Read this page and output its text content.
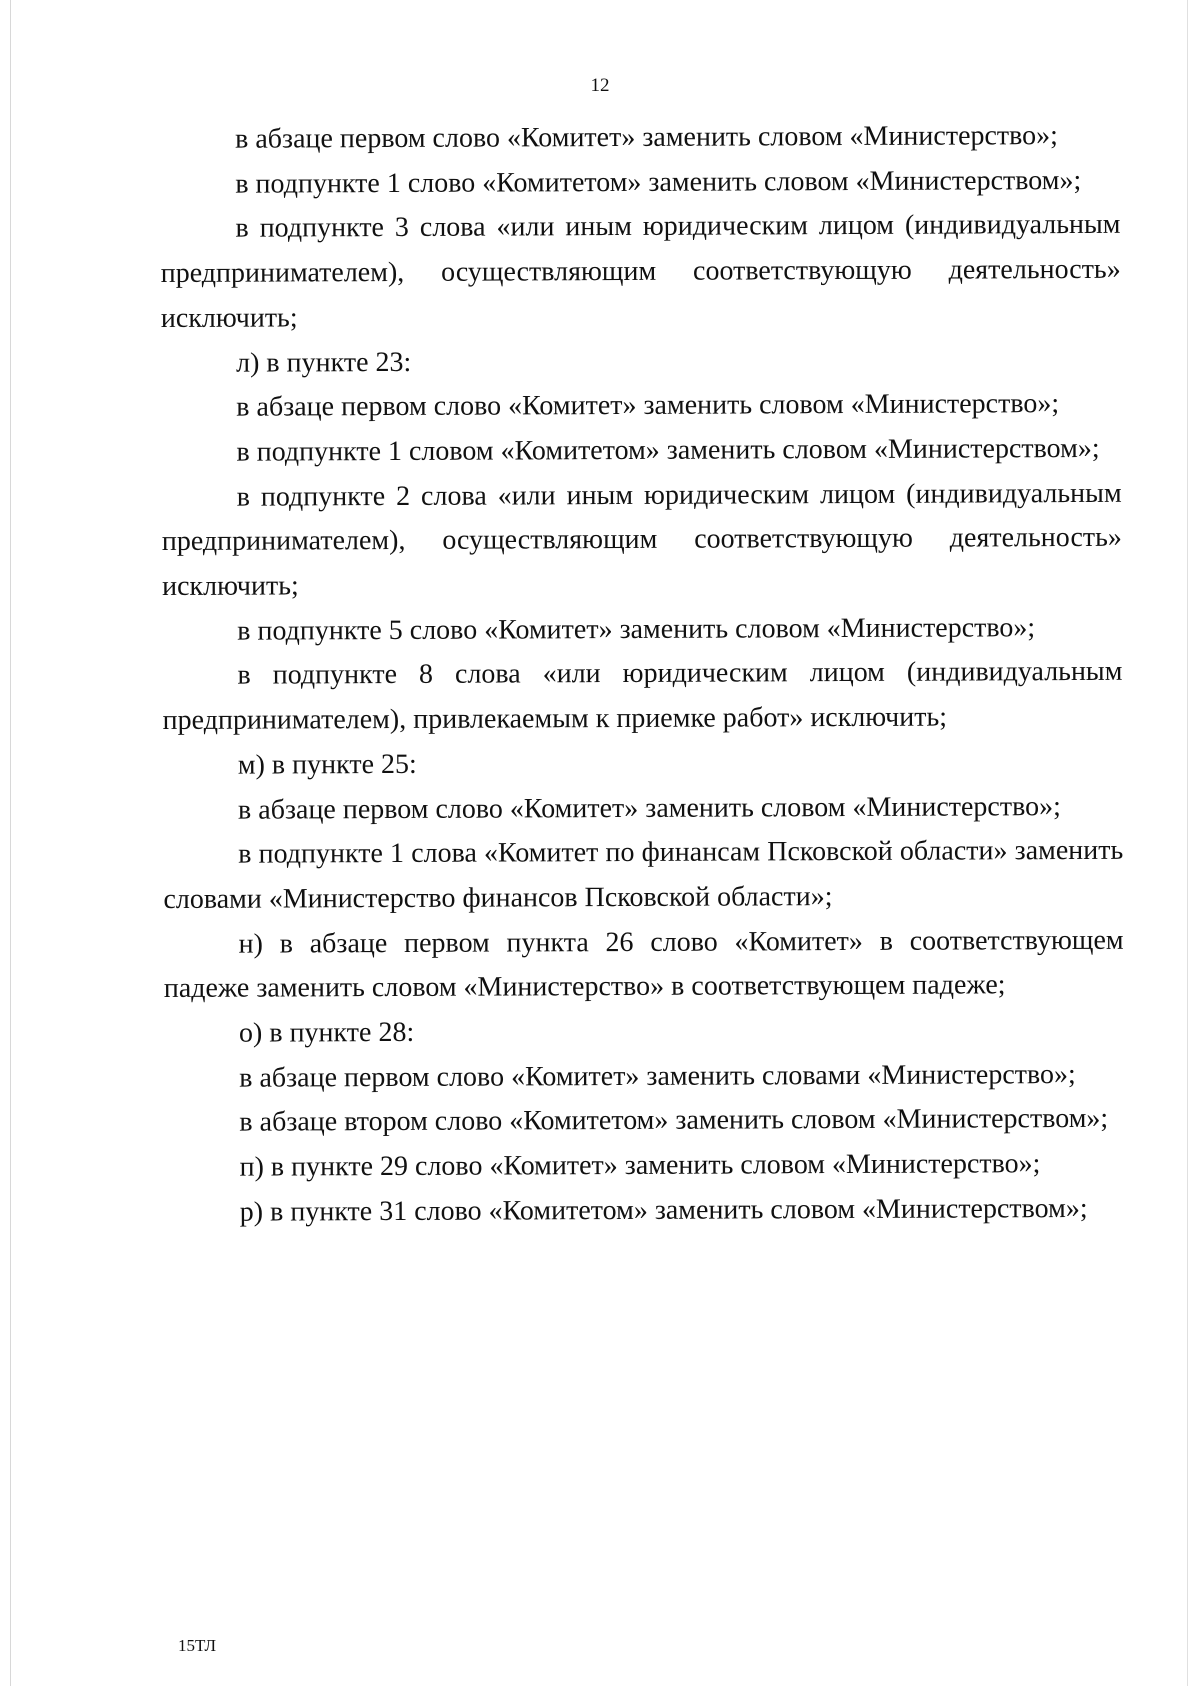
12

в абзаце первом слово «Комитет» заменить словом «Министерство»;

в подпункте 1 слово «Комитетом» заменить словом «Министерством»;

в подпункте 3 слова «или иным юридическим лицом (индивидуальным предпринимателем), осуществляющим соответствующую деятельность» исключить;

л) в пункте 23:

в абзаце первом слово «Комитет» заменить словом «Министерство»;

в подпункте 1 словом «Комитетом» заменить словом «Министерством»;

в подпункте 2 слова «или иным юридическим лицом (индивидуальным предпринимателем), осуществляющим соответствующую деятельность» исключить;

в подпункте 5 слово «Комитет» заменить словом «Министерство»;

в подпункте 8 слова «или юридическим лицом (индивидуальным предпринимателем), привлекаемым к приемке работ» исключить;

м) в пункте 25:

в абзаце первом слово «Комитет» заменить словом «Министерство»;

в подпункте 1 слова «Комитет по финансам Псковской области» заменить словами «Министерство финансов Псковской области»;

н) в абзаце первом пункта 26 слово «Комитет» в соответствующем падеже заменить словом «Министерство» в соответствующем падеже;

о) в пункте 28:

в абзаце первом слово «Комитет» заменить словами «Министерство»;

в абзаце втором слово «Комитетом» заменить словом «Министерством»;

п) в пункте 29 слово «Комитет» заменить словом «Министерство»;

р) в пункте 31 слово «Комитетом» заменить словом «Министерством»;

15ТЛ
